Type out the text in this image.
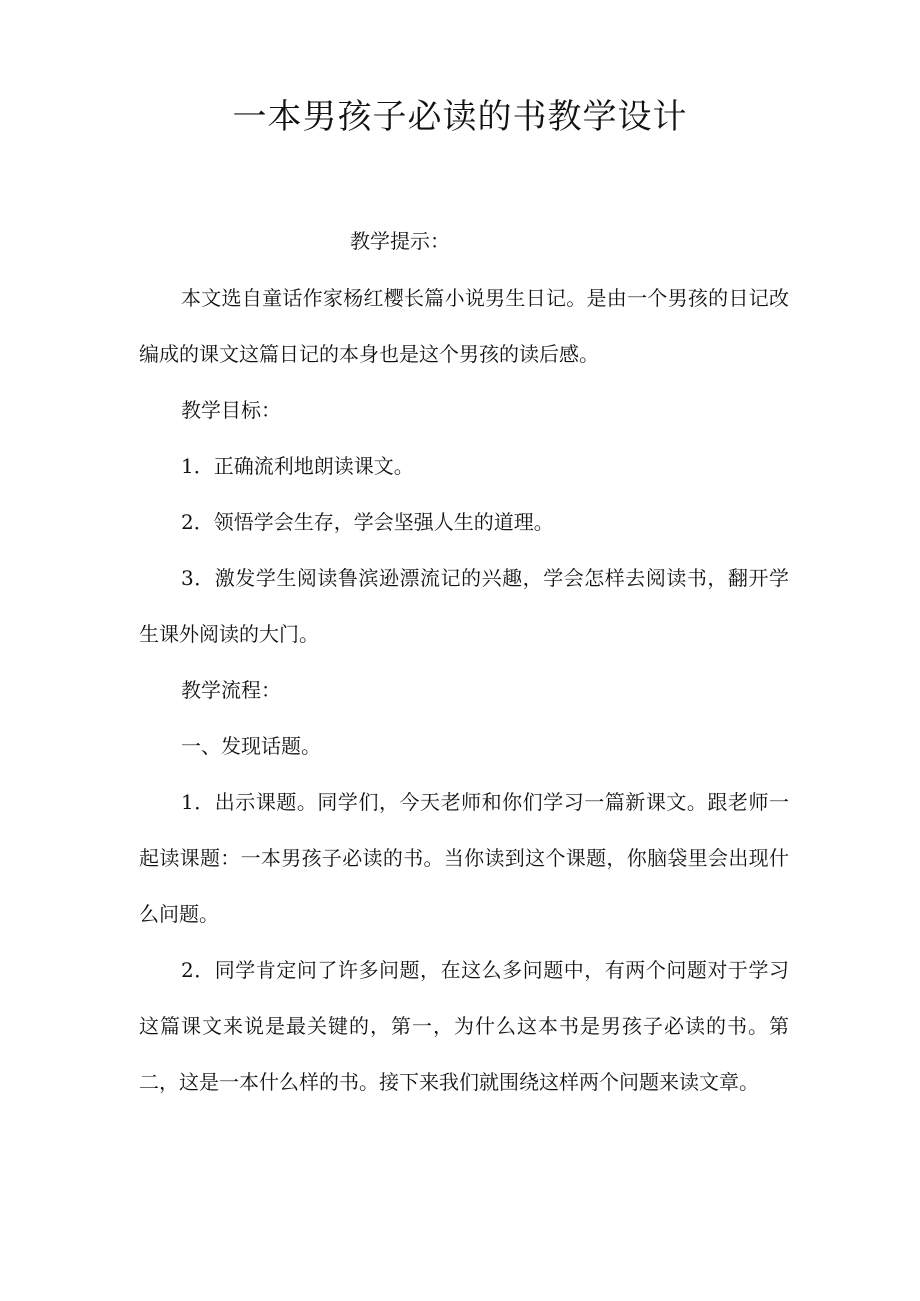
一本男孩子必读的书教学设计

教学提示：

本文选自童话作家杨红樱长篇小说男生日记。是由一个男孩的日记改编成的课文这篇日记的本身也是这个男孩的读后感。

教学目标：

1．正确流利地朗读课文。

2．领悟学会生存，学会坚强人生的道理。

3．激发学生阅读鲁滨逊漂流记的兴趣，学会怎样去阅读书，翻开学生课外阅读的大门。

教学流程：

一、发现话题。

1．出示课题。同学们，今天老师和你们学习一篇新课文。跟老师一起读课题：一本男孩子必读的书。当你读到这个课题，你脑袋里会出现什么问题。

2．同学肯定问了许多问题，在这么多问题中，有两个问题对于学习这篇课文来说是最关键的，第一，为什么这本书是男孩子必读的书。第二，这是一本什么样的书。接下来我们就围绕这样两个问题来读文章。
